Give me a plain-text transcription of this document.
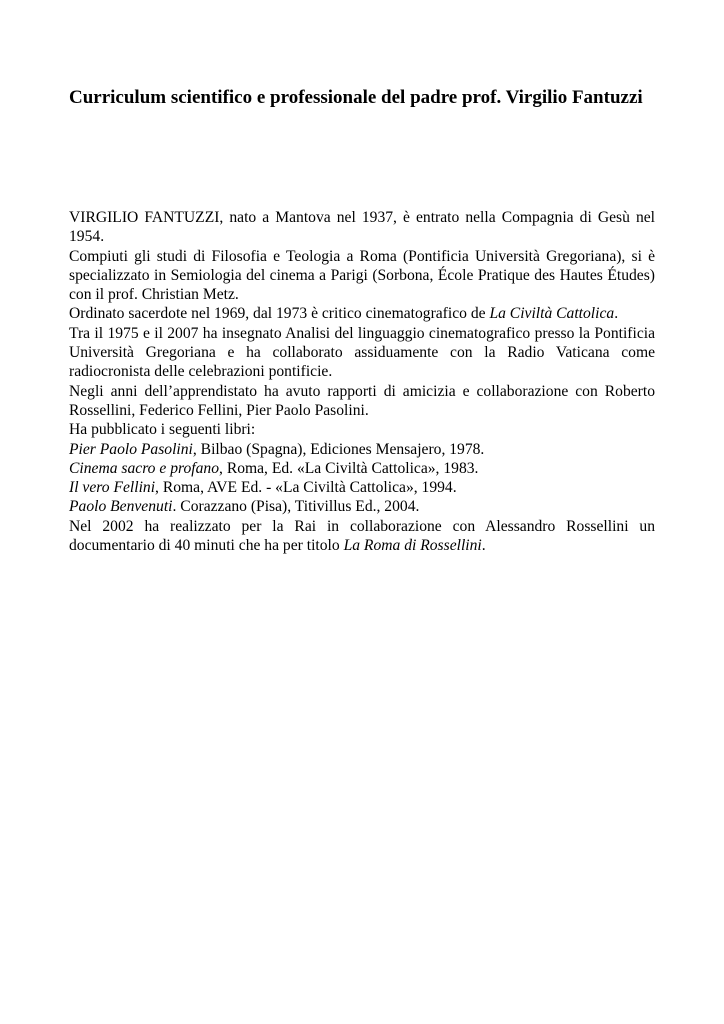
Curriculum scientifico e professionale del padre prof. Virgilio Fantuzzi

VIRGILIO FANTUZZI, nato a Mantova nel 1937, è entrato nella Compagnia di Gesù nel 1954.

Compiuti gli studi di Filosofia e Teologia a Roma (Pontificia Università Gregoriana), si è specializzato in Semiologia del cinema a Parigi (Sorbona, École Pratique des Hautes Études) con il prof. Christian Metz.

Ordinato sacerdote nel 1969, dal 1973 è critico cinematografico de La Civiltà Cattolica.

Tra il 1975 e il 2007 ha insegnato Analisi del linguaggio cinematografico presso la Pontificia Università Gregoriana e ha collaborato assiduamente con la Radio Vaticana come radiocronista delle celebrazioni pontificie.

Negli anni dell’apprendistato ha avuto rapporti di amicizia e collaborazione con Roberto Rossellini, Federico Fellini, Pier Paolo Pasolini.

Ha pubblicato i seguenti libri:

Pier Paolo Pasolini, Bilbao (Spagna), Ediciones Mensajero, 1978.

Cinema sacro e profano, Roma, Ed. «La Civiltà Cattolica», 1983.

Il vero Fellini, Roma, AVE Ed. - «La Civiltà Cattolica», 1994.

Paolo Benvenuti. Corazzano (Pisa), Titivillus Ed., 2004.

Nel 2002 ha realizzato per la Rai in collaborazione con Alessandro Rossellini un documentario di 40 minuti che ha per titolo La Roma di Rossellini.
